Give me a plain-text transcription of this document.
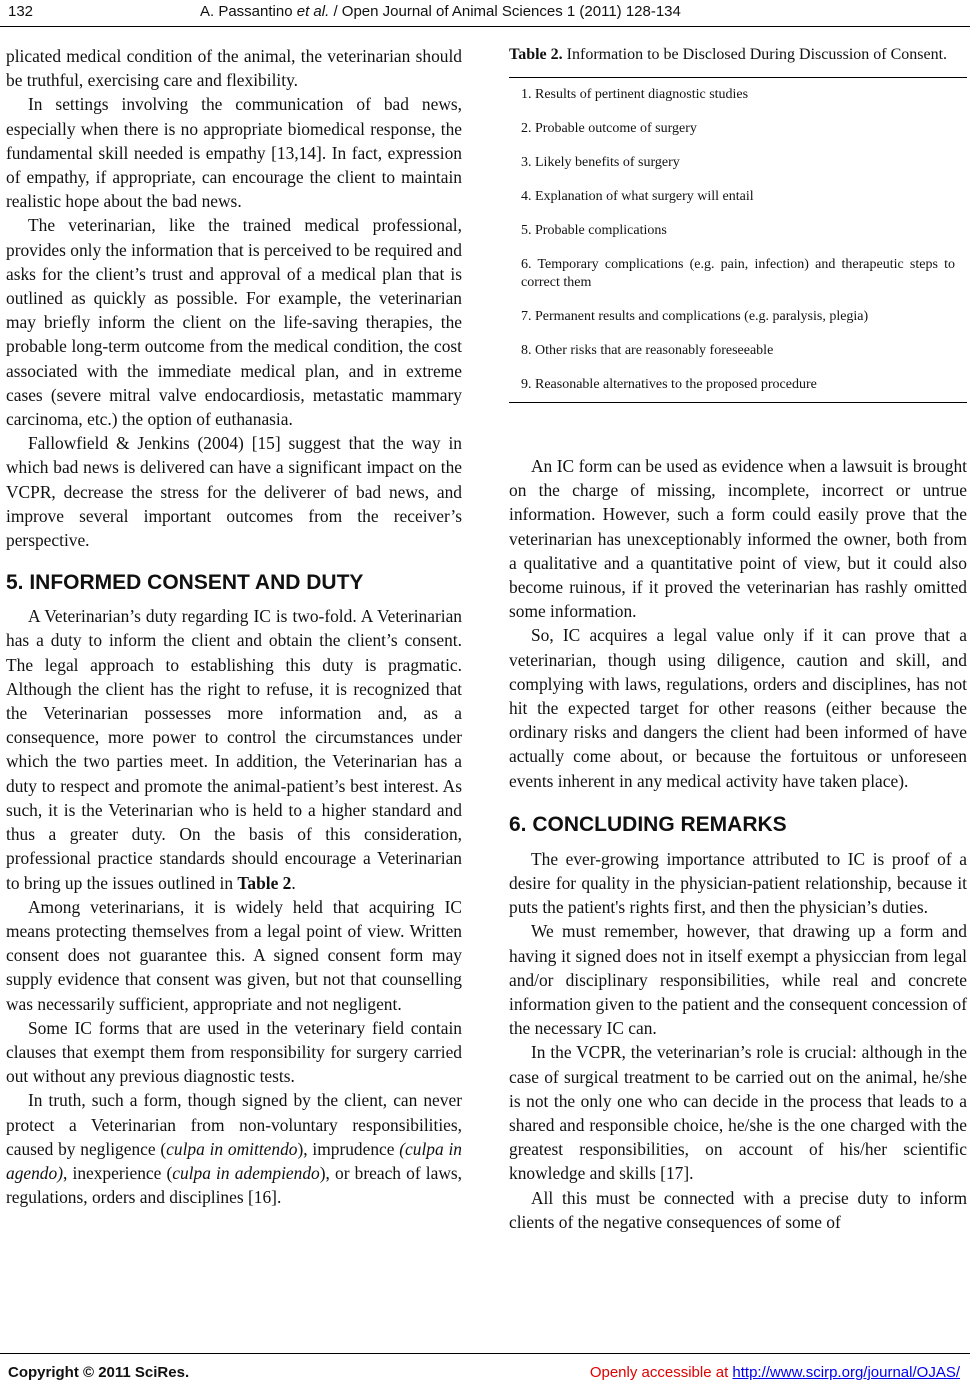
132	A. Passantino et al. / Open Journal of Animal Sciences 1 (2011) 128-134

plicated medical condition of the animal, the veterinarian should be truthful, exercising care and flexibility.

In settings involving the communication of bad news, especially when there is no appropriate biomedical response, the fundamental skill needed is empathy [13,14]. In fact, expression of empathy, if appropriate, can encourage the client to maintain realistic hope about the bad news.

The veterinarian, like the trained medical professional, provides only the information that is perceived to be required and asks for the client’s trust and approval of a medical plan that is outlined as quickly as possible. For example, the veterinarian may briefly inform the client on the life-saving therapies, the probable long-term outcome from the medical condition, the cost associated with the immediate medical plan, and in extreme cases (severe mitral valve endocardiosis, metastatic mammary carcinoma, etc.) the option of euthanasia.

Fallowfield & Jenkins (2004) [15] suggest that the way in which bad news is delivered can have a significant impact on the VCPR, decrease the stress for the deliverer of bad news, and improve several important outcomes from the receiver’s perspective.

5. INFORMED CONSENT AND DUTY

A Veterinarian’s duty regarding IC is two-fold. A Veterinarian has a duty to inform the client and obtain the client’s consent. The legal approach to establishing this duty is pragmatic. Although the client has the right to refuse, it is recognized that the Veterinarian possesses more information and, as a consequence, more power to control the circumstances under which the two parties meet. In addition, the Veterinarian has a duty to respect and promote the animal-patient’s best interest. As such, it is the Veterinarian who is held to a higher standard and thus a greater duty. On the basis of this consideration, professional practice standards should encourage a Veterinarian to bring up the issues outlined in Table 2.

Among veterinarians, it is widely held that acquiring IC means protecting themselves from a legal point of view. Written consent does not guarantee this. A signed consent form may supply evidence that consent was given, but not that counselling was necessarily sufficient, appropriate and not negligent.

Some IC forms that are used in the veterinary field contain clauses that exempt them from responsibility for surgery carried out without any previous diagnostic tests.

In truth, such a form, though signed by the client, can never protect a Veterinarian from non-voluntary responsibilities, caused by negligence (culpa in omittendo), imprudence (culpa in agendo), inexperience (culpa in adempiendo), or breach of laws, regulations, orders and disciplines [16].

Table 2. Information to be Disclosed During Discussion of Consent.
1. Results of pertinent diagnostic studies
2. Probable outcome of surgery
3. Likely benefits of surgery
4. Explanation of what surgery will entail
5. Probable complications
6. Temporary complications (e.g. pain, infection) and therapeutic steps to correct them
7. Permanent results and complications (e.g. paralysis, plegia)
8. Other risks that are reasonably foreseeable
9. Reasonable alternatives to the proposed procedure

An IC form can be used as evidence when a lawsuit is brought on the charge of missing, incomplete, incorrect or untrue information. However, such a form could easily prove that the veterinarian has unexceptionably informed the owner, both from a qualitative and a quantitative point of view, but it could also become ruinous, if it proved the veterinarian has rashly omitted some information.

So, IC acquires a legal value only if it can prove that a veterinarian, though using diligence, caution and skill, and complying with laws, regulations, orders and disciplines, has not hit the expected target for other reasons (either because the ordinary risks and dangers the client had been informed of have actually come about, or because the fortuitous or unforeseen events inherent in any medical activity have taken place).

6. CONCLUDING REMARKS

The ever-growing importance attributed to IC is proof of a desire for quality in the physician-patient relationship, because it puts the patient's rights first, and then the physician’s duties.

We must remember, however, that drawing up a form and having it signed does not in itself exempt a physiccian from legal and/or disciplinary responsibilities, while real and concrete information given to the patient and the consequent concession of the necessary IC can.

In the VCPR, the veterinarian’s role is crucial: although in the case of surgical treatment to be carried out on the animal, he/she is not the only one who can decide in the process that leads to a shared and responsible choice, he/she is the one charged with the greatest responsibilities, on account of his/her scientific knowledge and skills [17].

All this must be connected with a precise duty to inform clients of the negative consequences of some of

Copyright © 2011 SciRes.	Openly accessible at http://www.scirp.org/journal/OJAS/
